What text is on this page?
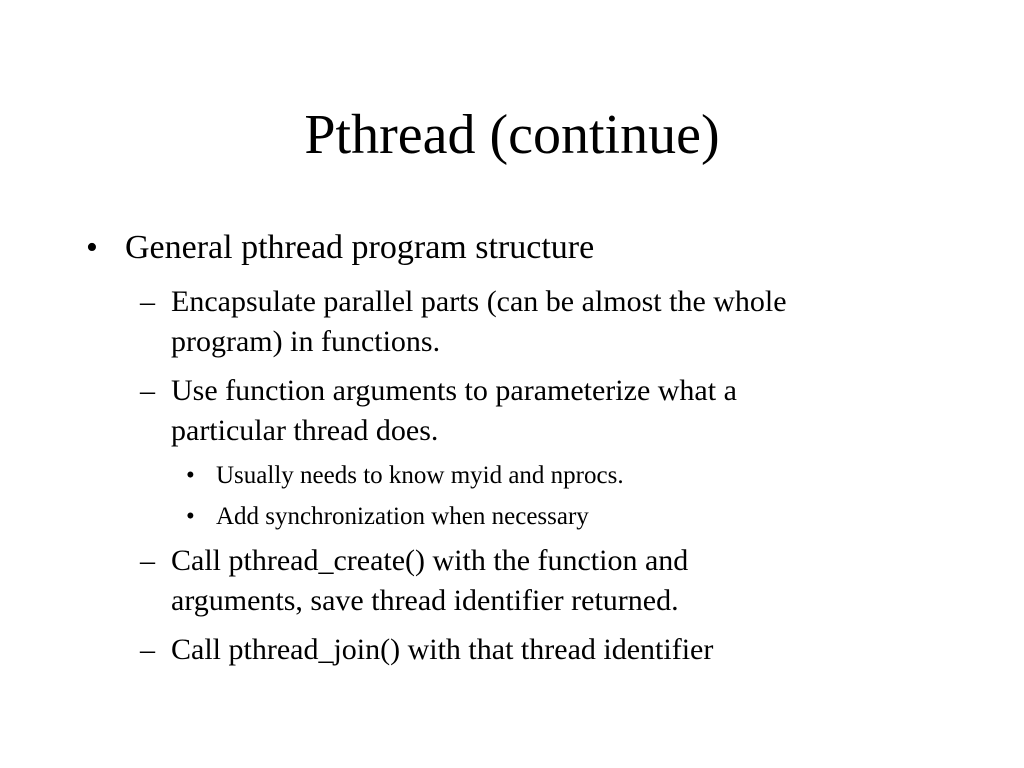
Pthread (continue)
• General pthread program structure
– Encapsulate parallel parts (can be almost the whole
program) in functions.
– Use function arguments to parameterize what a
particular thread does.
• Usually needs to know myid and nprocs.
• Add synchronization when necessary
– Call pthread_create() with the function and
arguments, save thread identifier returned.
– Call pthread_join() with that thread identifier
